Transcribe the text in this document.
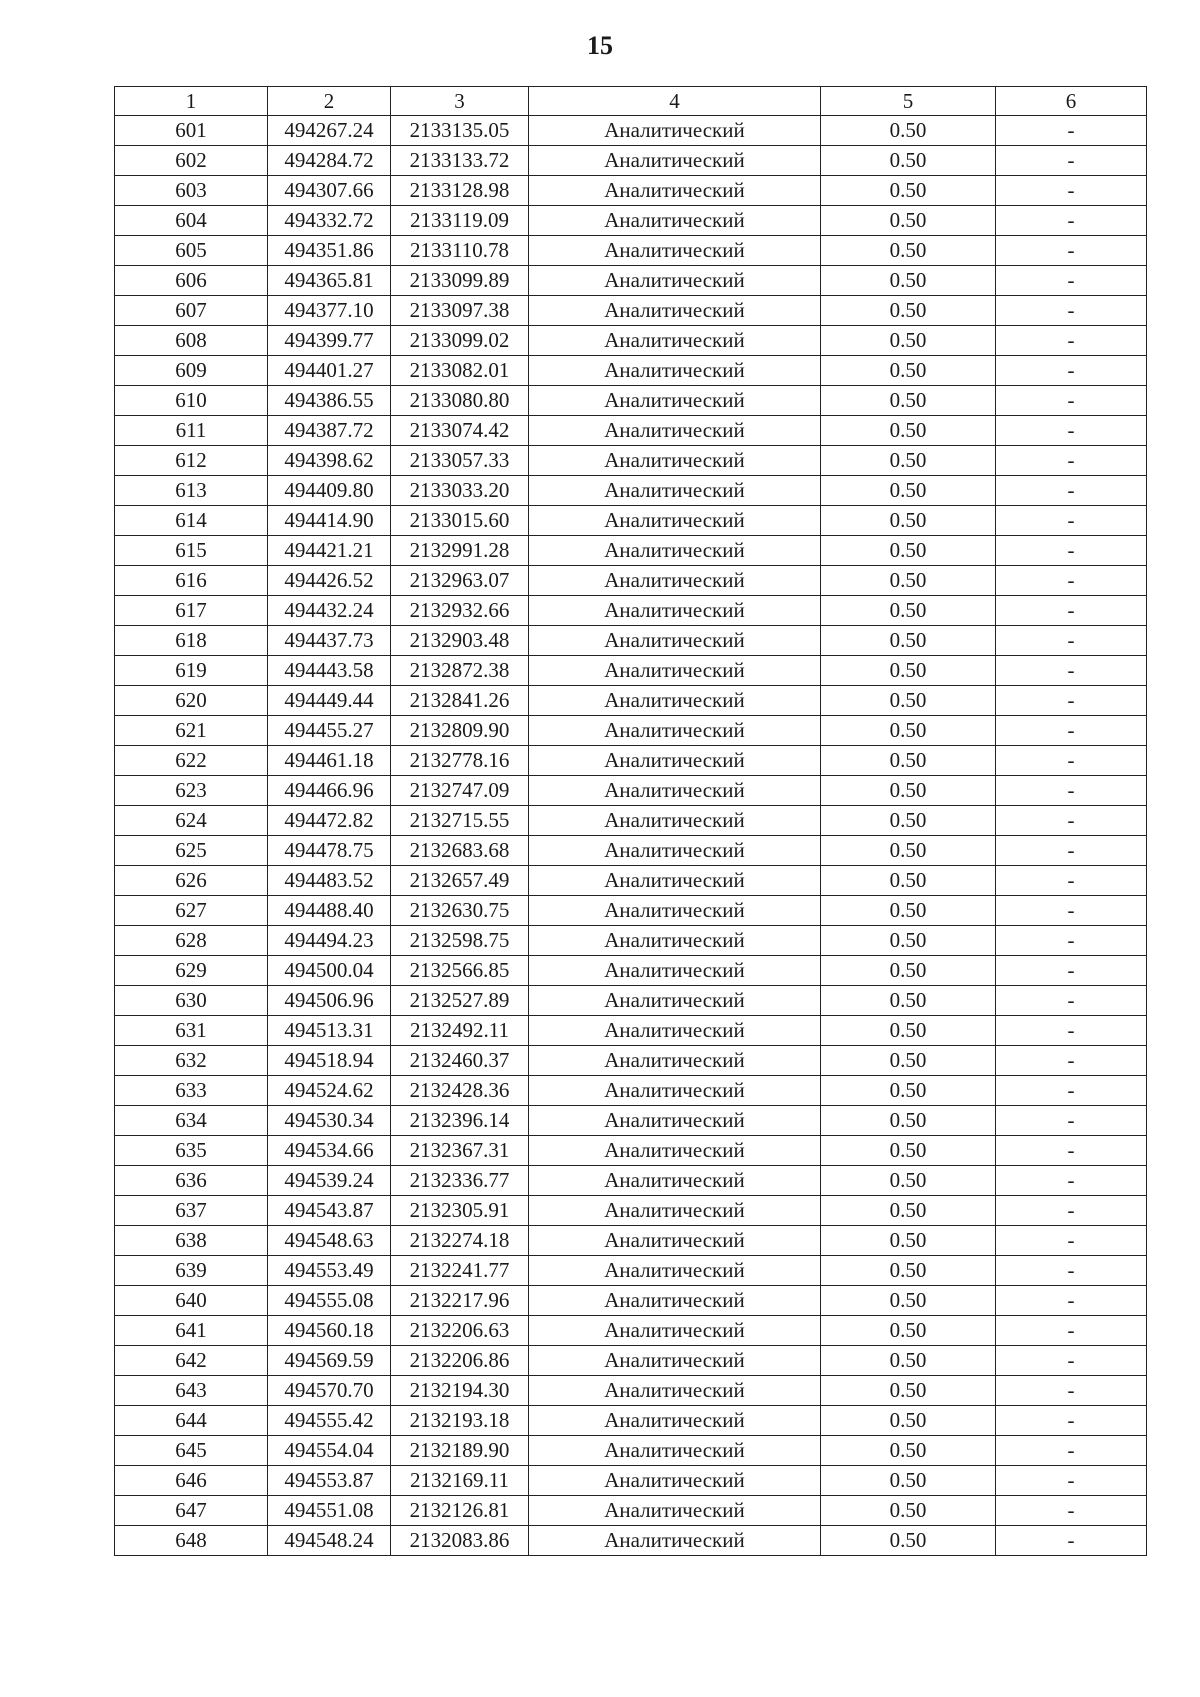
15
1	2	3	4	5	6
601	494267.24	2133135.05	Аналитический	0.50	-
602	494284.72	2133133.72	Аналитический	0.50	-
603	494307.66	2133128.98	Аналитический	0.50	-
604	494332.72	2133119.09	Аналитический	0.50	-
605	494351.86	2133110.78	Аналитический	0.50	-
606	494365.81	2133099.89	Аналитический	0.50	-
607	494377.10	2133097.38	Аналитический	0.50	-
608	494399.77	2133099.02	Аналитический	0.50	-
609	494401.27	2133082.01	Аналитический	0.50	-
610	494386.55	2133080.80	Аналитический	0.50	-
611	494387.72	2133074.42	Аналитический	0.50	-
612	494398.62	2133057.33	Аналитический	0.50	-
613	494409.80	2133033.20	Аналитический	0.50	-
614	494414.90	2133015.60	Аналитический	0.50	-
615	494421.21	2132991.28	Аналитический	0.50	-
616	494426.52	2132963.07	Аналитический	0.50	-
617	494432.24	2132932.66	Аналитический	0.50	-
618	494437.73	2132903.48	Аналитический	0.50	-
619	494443.58	2132872.38	Аналитический	0.50	-
620	494449.44	2132841.26	Аналитический	0.50	-
621	494455.27	2132809.90	Аналитический	0.50	-
622	494461.18	2132778.16	Аналитический	0.50	-
623	494466.96	2132747.09	Аналитический	0.50	-
624	494472.82	2132715.55	Аналитический	0.50	-
625	494478.75	2132683.68	Аналитический	0.50	-
626	494483.52	2132657.49	Аналитический	0.50	-
627	494488.40	2132630.75	Аналитический	0.50	-
628	494494.23	2132598.75	Аналитический	0.50	-
629	494500.04	2132566.85	Аналитический	0.50	-
630	494506.96	2132527.89	Аналитический	0.50	-
631	494513.31	2132492.11	Аналитический	0.50	-
632	494518.94	2132460.37	Аналитический	0.50	-
633	494524.62	2132428.36	Аналитический	0.50	-
634	494530.34	2132396.14	Аналитический	0.50	-
635	494534.66	2132367.31	Аналитический	0.50	-
636	494539.24	2132336.77	Аналитический	0.50	-
637	494543.87	2132305.91	Аналитический	0.50	-
638	494548.63	2132274.18	Аналитический	0.50	-
639	494553.49	2132241.77	Аналитический	0.50	-
640	494555.08	2132217.96	Аналитический	0.50	-
641	494560.18	2132206.63	Аналитический	0.50	-
642	494569.59	2132206.86	Аналитический	0.50	-
643	494570.70	2132194.30	Аналитический	0.50	-
644	494555.42	2132193.18	Аналитический	0.50	-
645	494554.04	2132189.90	Аналитический	0.50	-
646	494553.87	2132169.11	Аналитический	0.50	-
647	494551.08	2132126.81	Аналитический	0.50	-
648	494548.24	2132083.86	Аналитический	0.50	-
